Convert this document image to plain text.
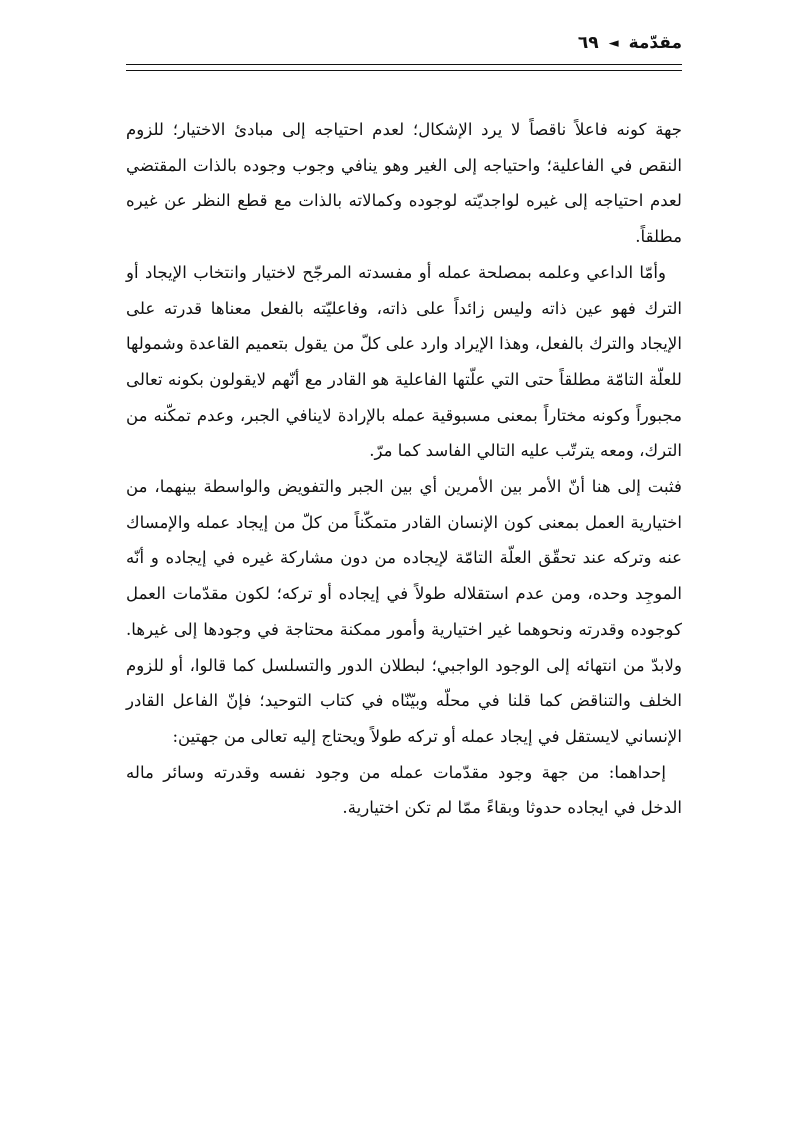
مقدّمة
◄
٦٩

جهة كونه فاعلاً ناقصاً لا يرد الإشكال؛ لعدم احتياجه إلى مبادئ الاختيار؛ للزوم النقص في الفاعلية؛ واحتياجه إلى الغير وهو ينافي وجوب وجوده بالذات المقتضي لعدم احتياجه إلى غيره لواجديّته لوجوده وكمالاته بالذات مع قطع النظر عن غيره مطلقاً.

وأمّا الداعي وعلمه بمصلحة عمله أو مفسدته المرجّح لاختيار وانتخاب الإيجاد أو الترك فهو عين ذاته وليس زائداً على ذاته، وفاعليّته بالفعل معناها قدرته على الإيجاد والترك بالفعل، وهذا الإيراد وارد على كلّ من يقول بتعميم القاعدة وشمولها للعلّة التامّة مطلقاً حتى التي علّتها الفاعلية هو القادر مع أنّهم لايقولون بكونه تعالى مجبوراً وكونه مختاراً بمعنى مسبوقية عمله بالإرادة لاينافي الجبر، وعدم تمكّنه من الترك، ومعه يترتّب عليه التالي الفاسد كما مرّ.

فثبت إلى هنا أنّ الأمر بين الأمرين أي بين الجبر والتفويض والواسطة بينهما، من اختيارية العمل بمعنى كون الإنسان القادر متمكّناً من كلّ من إيجاد عمله والإمساك عنه وتركه عند تحقّق العلّة التامّة لإيجاده من دون مشاركة غيره في إيجاده و أنّه الموجِد وحده، ومن عدم استقلاله طولاً في إيجاده أو تركه؛ لكون مقدّمات العمل كوجوده وقدرته ونحوهما غير اختيارية وأمور ممكنة محتاجة في وجودها إلى غيرها. ولابدّ من انتهائه إلى الوجود الواجبي؛ لبطلان الدور والتسلسل كما قالوا، أو للزوم الخلف والتناقض كما قلنا في محلّه وبيّنّاه في كتاب التوحيد؛ فإنّ الفاعل القادر الإنساني لايستقل في إيجاد عمله أو تركه طولاً ويحتاج إليه تعالى من جهتين:

إحداهما: من جهة وجود مقدّمات عمله من وجود نفسه وقدرته وسائر ماله الدخل في ايجاده حدوثا وبقاءً ممّا لم تكن اختيارية.
